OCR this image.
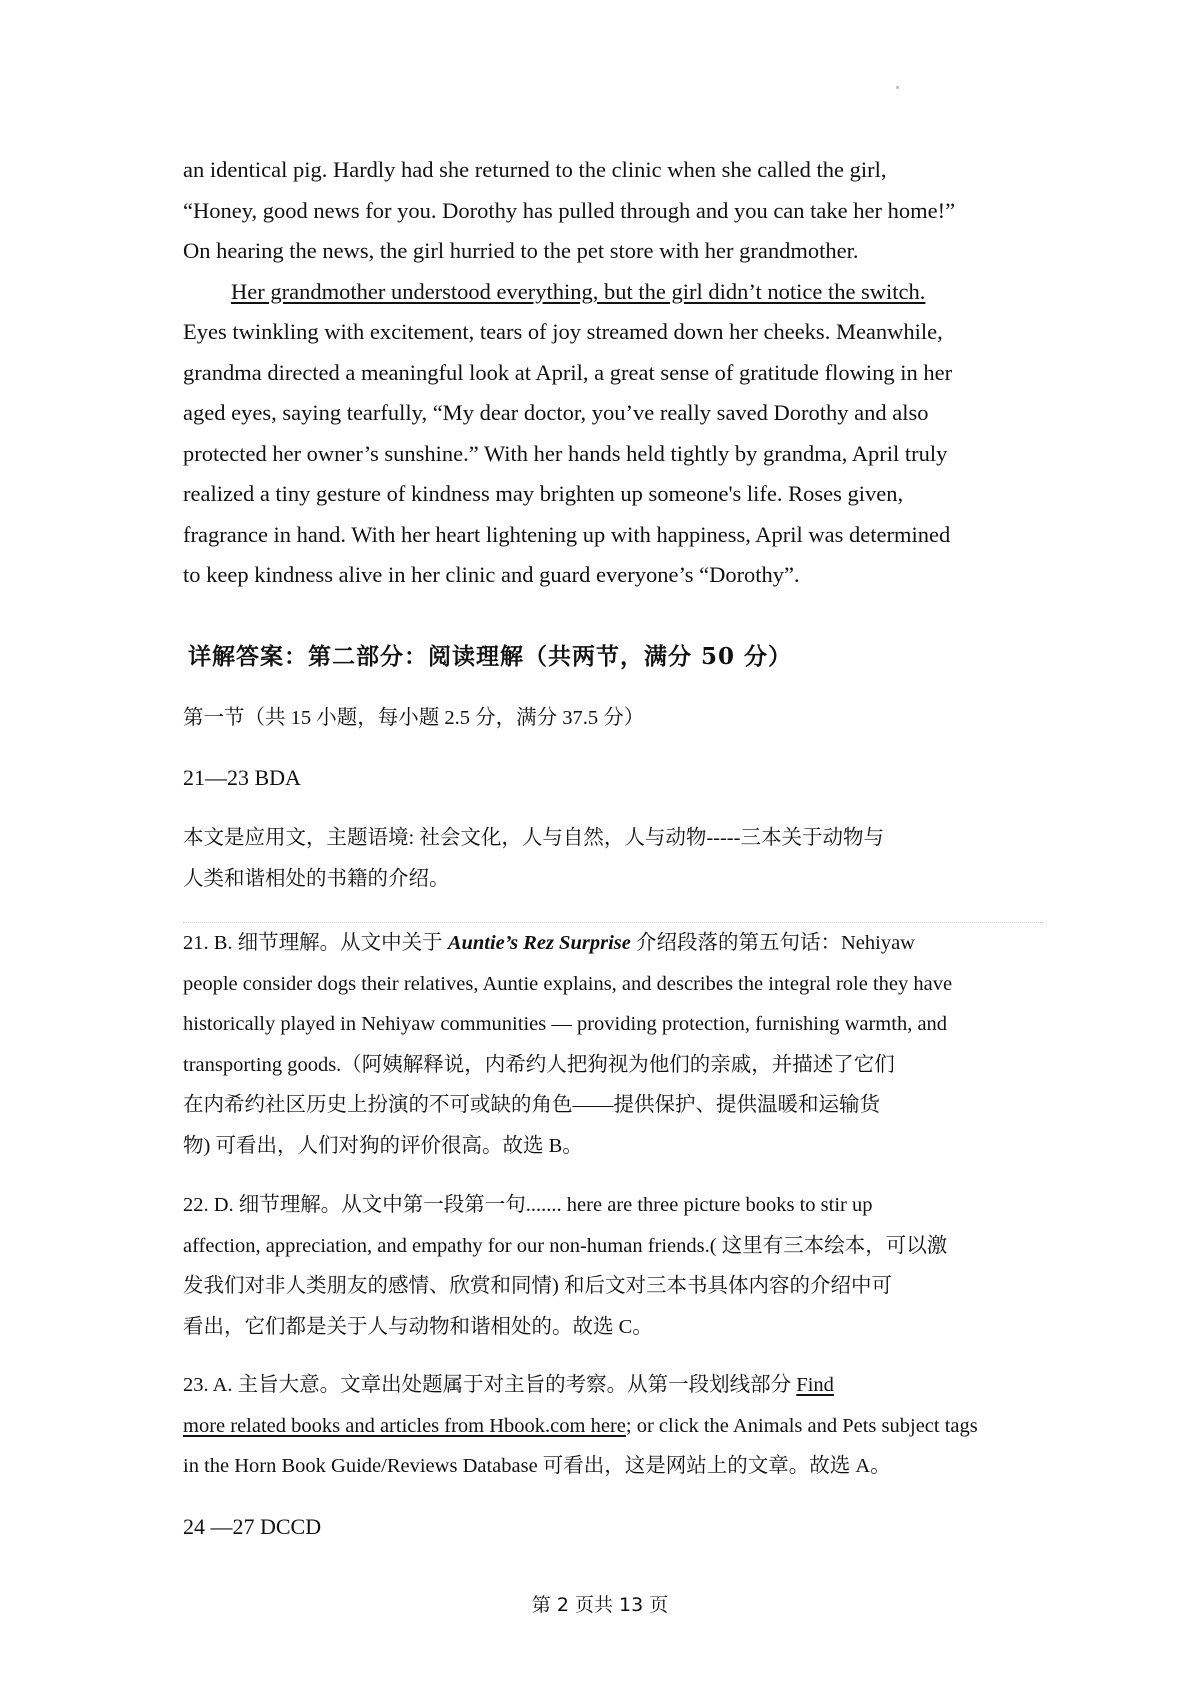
an identical pig. Hardly had she returned to the clinic when she called the girl,
“Honey, good news for you. Dorothy has pulled through and you can take her home!”
On hearing the news, the girl hurried to the pet store with her grandmother.

Her grandmother understood everything, but the girl didn’t notice the switch.
Eyes twinkling with excitement, tears of joy streamed down her cheeks. Meanwhile,
grandma directed a meaningful look at April, a great sense of gratitude flowing in her
aged eyes, saying tearfully, “My dear doctor, you’ve really saved Dorothy and also
protected her owner’s sunshine.” With her hands held tightly by grandma, April truly
realized a tiny gesture of kindness may brighten up someone's life. Roses given,
fragrance in hand. With her heart lightening up with happiness, April was determined
to keep kindness alive in her clinic and guard everyone’s “Dorothy”.

详解答案：第二部分：阅读理解（共两节，满分 50 分）
第一节（共 15 小题，每小题 2.5 分，满分 37.5 分）
21—23 BDA

本文是应用文，主题语境: 社会文化，人与自然，人与动物-----三本关于动物与
人类和谐相处的书籍的介绍。

21. B. 细节理解。从文中关于 Auntie’s Rez Surprise 介绍段落的第五句话：Nehiyaw
people consider dogs their relatives, Auntie explains, and describes the integral role they have
historically played in Nehiyaw communities — providing protection, furnishing warmth, and
transporting goods.（阿姨解释说，内希约人把狗视为他们的亲戚，并描述了它们
在内希约社区历史上扮演的不可或缺的角色——提供保护、提供温暖和运输货
物) 可看出，人们对狗的评价很高。故选 B。

22. D. 细节理解。从文中第一段第一句....... here are three picture books to stir up
affection, appreciation, and empathy for our non-human friends.( 这里有三本绘本，可以激
发我们对非人类朋友的感情、欣赏和同情) 和后文对三本书具体内容的介绍中可
看出，它们都是关于人与动物和谐相处的。故选 C。

23. A. 主旨大意。文章出处题属于对主旨的考察。从第一段划线部分 Find
more related books and articles from Hbook.com here; or click the Animals and Pets subject tags
in the Horn Book Guide/Reviews Database 可看出，这是网站上的文章。故选 A。

24 —27 DCCD
第 2 页共 13 页
